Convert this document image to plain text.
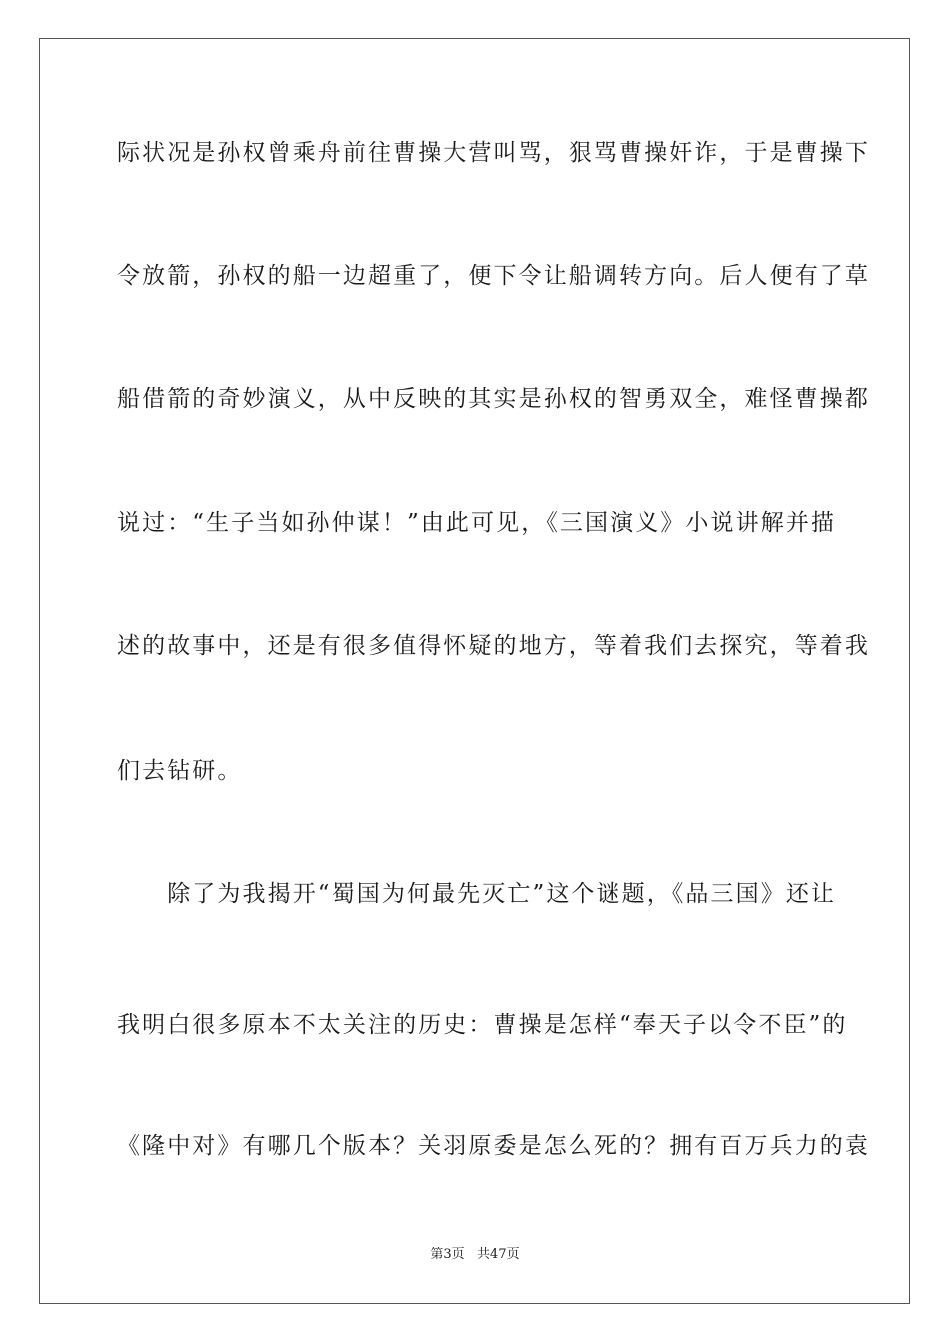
际状况是孙权曾乘舟前往曹操大营叫骂，狠骂曹操奸诈，于是曹操下
令放箭，孙权的船一边超重了，便下令让船调转方向。后人便有了草
船借箭的奇妙演义，从中反映的其实是孙权的智勇双全，难怪曹操都
说过：“生子当如孙仲谋！”由此可见，《三国演义》小说讲解并描
述的故事中，还是有很多值得怀疑的地方，等着我们去探究，等着我
们去钻研。
　　除了为我揭开“蜀国为何最先灭亡”这个谜题，《品三国》还让
我明白很多原本不太关注的历史：曹操是怎样“奉天子以令不臣”的
《隆中对》有哪几个版本？关羽原委是怎么死的？拥有百万兵力的袁
第3页   共47页
